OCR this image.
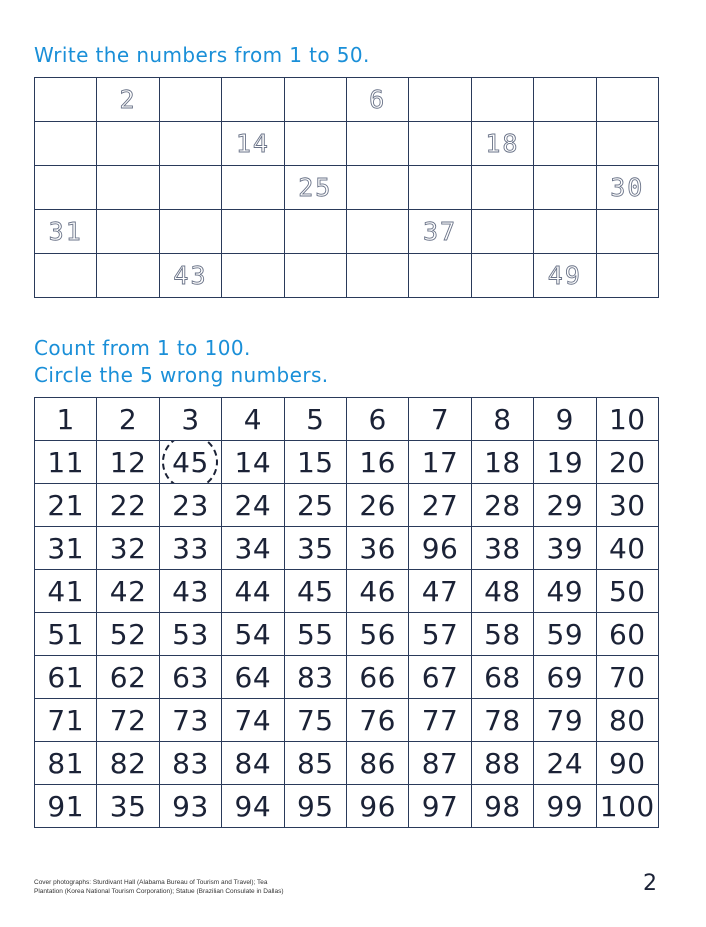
Write the numbers from 1 to 50.
	2				6				
			14				18		
				25					30
31						37			
		43						49	
Count from 1 to 100.
Circle the 5 wrong numbers.
1	2	3	4	5	6	7	8	9	10
11	12	45	14	15	16	17	18	19	20
21	22	23	24	25	26	27	28	29	30
31	32	33	34	35	36	96	38	39	40
41	42	43	44	45	46	47	48	49	50
51	52	53	54	55	56	57	58	59	60
61	62	63	64	83	66	67	68	69	70
71	72	73	74	75	76	77	78	79	80
81	82	83	84	85	86	87	88	24	90
91	35	93	94	95	96	97	98	99	100

Cover photographs: Sturdivant Hall (Alabama Bureau of Tourism and Travel); Tea
Plantation (Korea National Tourism Corporation); Statue (Brazilian Consulate in Dallas)	2
